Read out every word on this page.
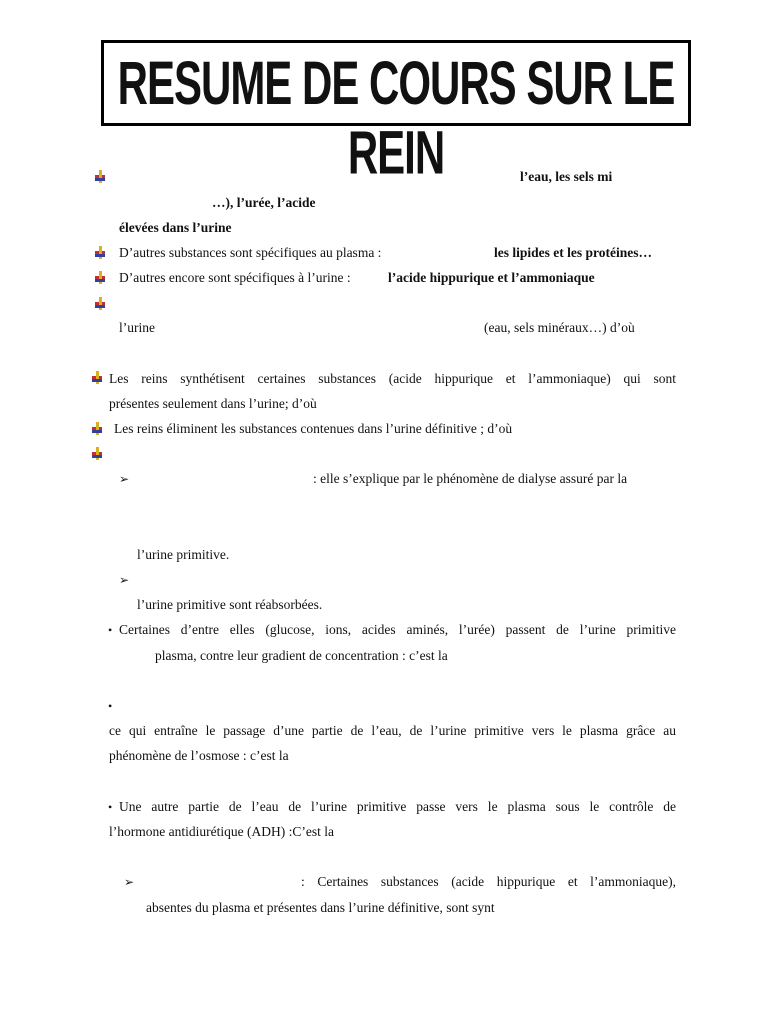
RESUME DE COURS SUR LE REIN	l’eau, les sels mi
…), l’urée, l’acide
élevées dans l’urine
D’autres substances sont spécifiques au plasma :	les lipides et les protéines…
D’autres encore sont spécifiques à l’urine :	l’acide hippurique et l’ammoniaque
l’urine	(eau, sels minéraux…) d’où
Les reins synthétisent certaines substances (acide hippurique et l’ammoniaque) qui sont
présentes seulement dans l’urine; d’où
Les reins éliminent les substances contenues dans l’urine définitive ; d’où
➢	: elle s’explique par le phénomène de dialyse assuré par la
l’urine primitive.
➢
l’urine primitive sont réabsorbées.
• Certaines d’entre elles (glucose, ions, acides aminés, l’urée) passent de l’urine primitive
plasma, contre leur gradient de concentration : c’est la
•
ce qui entraîne le passage d’une partie de l’eau, de l’urine primitive vers le plasma grâce au
phénomène de l’osmose : c’est la
• Une autre partie de l’eau de l’urine primitive passe vers le plasma sous le contrôle de
l’hormone antidiurétique (ADH) :C’est la
➢	: Certaines substances (acide hippurique et l’ammoniaque),
absentes du plasma et présentes dans l’urine définitive, sont synt
